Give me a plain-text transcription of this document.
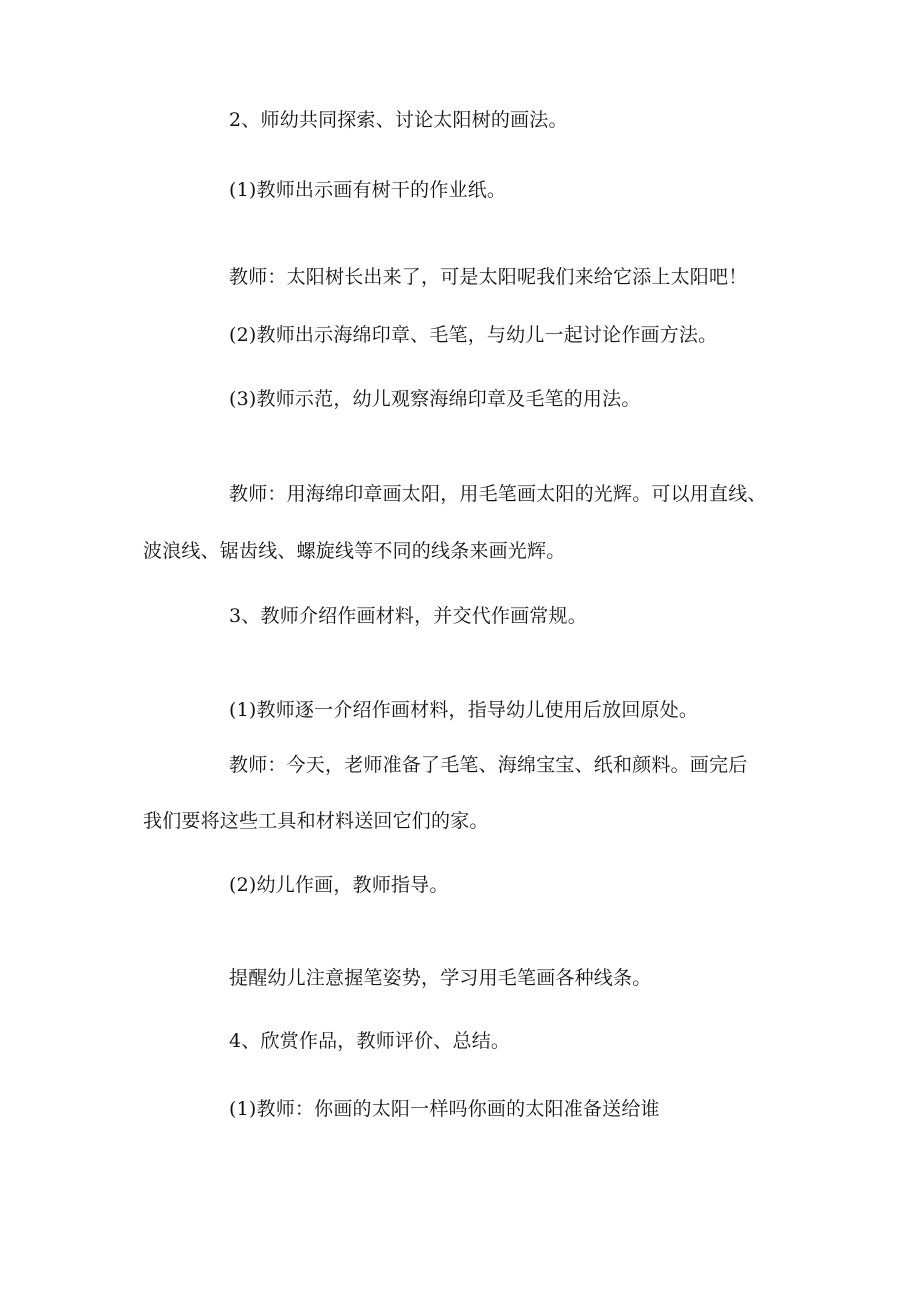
2、师幼共同探索、讨论太阳树的画法。

(1)教师出示画有树干的作业纸。

教师：太阳树长出来了，可是太阳呢我们来给它添上太阳吧！

(2)教师出示海绵印章、毛笔，与幼儿一起讨论作画方法。

(3)教师示范，幼儿观察海绵印章及毛笔的用法。

教师：用海绵印章画太阳，用毛笔画太阳的光辉。可以用直线、

波浪线、锯齿线、螺旋线等不同的线条来画光辉。

3、教师介绍作画材料，并交代作画常规。

(1)教师逐一介绍作画材料，指导幼儿使用后放回原处。

教师：今天，老师准备了毛笔、海绵宝宝、纸和颜料。画完后

我们要将这些工具和材料送回它们的家。

(2)幼儿作画，教师指导。

提醒幼儿注意握笔姿势，学习用毛笔画各种线条。

4、欣赏作品，教师评价、总结。

(1)教师：你画的太阳一样吗你画的太阳准备送给谁
